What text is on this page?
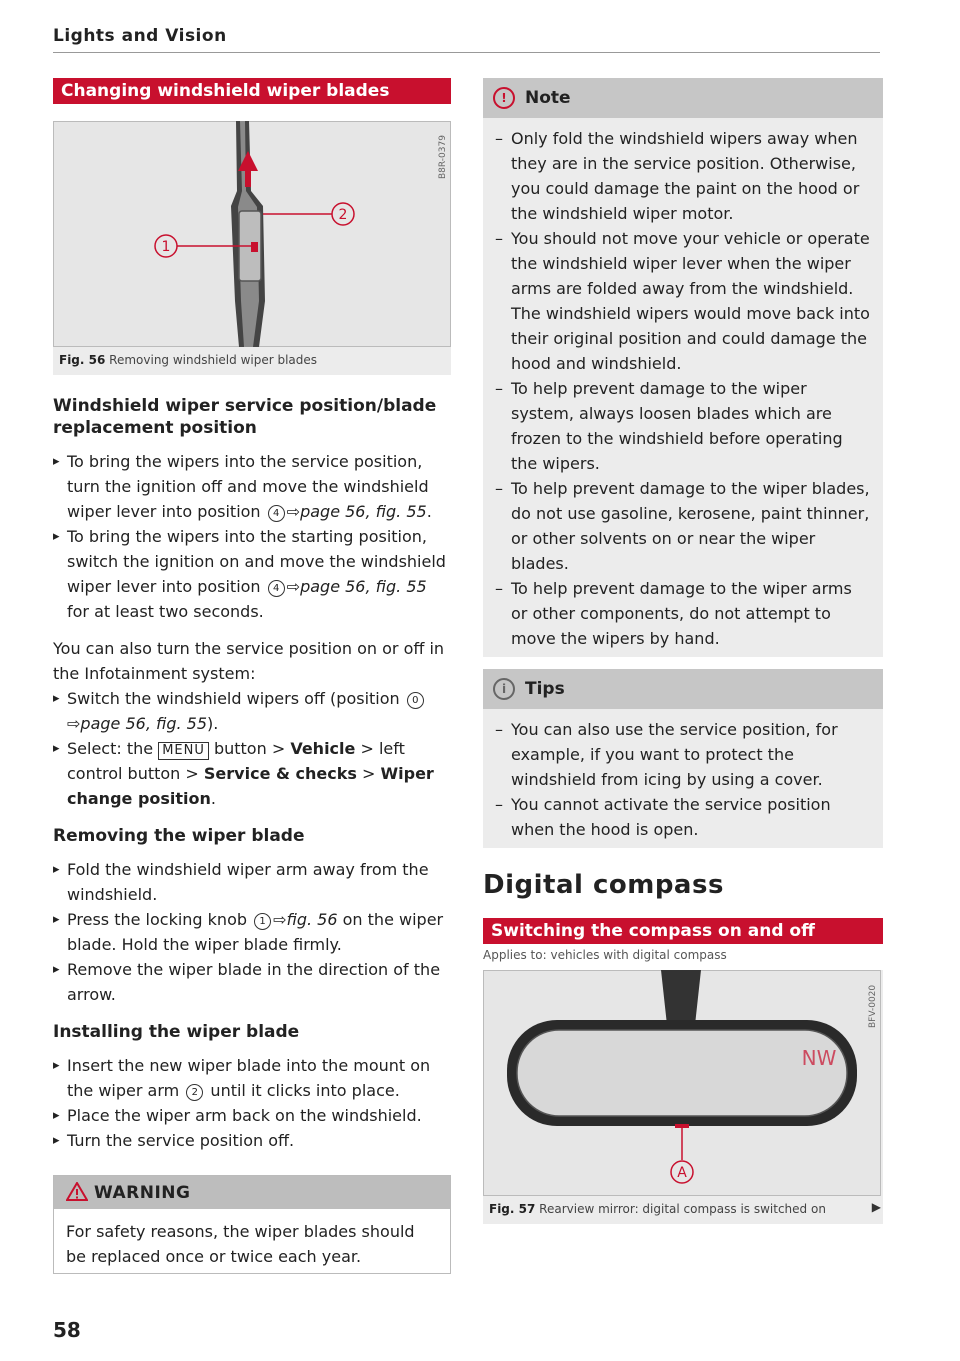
Lights and Vision
Changing windshield wiper blades
1
2
B8R-0379
Fig. 56 Removing windshield wiper blades
Windshield wiper service position/blade replacement position
▸ To bring the wipers into the service position, turn the ignition off and move the windshield wiper lever into position 4 ⇨page 56, fig. 55.
▸ To bring the wipers into the starting position, switch the ignition on and move the windshield wiper lever into position 4 ⇨page 56, fig. 55 for at least two seconds.

You can also turn the service position on or off in the Infotainment system:

▸ Switch the windshield wipers off (position 0
⇨page 56, fig. 55).
▸ Select: the MENU button > Vehicle > left control button > Service & checks > Wiper change position.
Removing the wiper blade
▸ Fold the windshield wiper arm away from the windshield.
▸ Press the locking knob 1 ⇨fig. 56 on the wiper blade. Hold the wiper blade firmly.
▸ Remove the wiper blade in the direction of the arrow.
Installing the wiper blade
▸ Insert the new wiper blade into the mount on the wiper arm 2 until it clicks into place.
▸ Place the wiper arm back on the windshield.
▸ Turn the service position off.
WARNING
For safety reasons, the wiper blades should be replaced once or twice each year.
58
! Note
– Only fold the windshield wipers away when they are in the service position. Otherwise, you could damage the paint on the hood or the windshield wiper motor.
– You should not move your vehicle or operate the windshield wiper lever when the wiper arms are folded away from the windshield. The windshield wipers would move back into their original position and could damage the hood and windshield.
– To help prevent damage to the wiper system, always loosen blades which are frozen to the windshield before operating the wipers.
– To help prevent damage to the wiper blades, do not use gasoline, kerosene, paint thinner, or other solvents on or near the wiper blades.
– To help prevent damage to the wiper arms or other components, do not attempt to move the wipers by hand.
i Tips
– You can also use the service position, for example, if you want to protect the windshield from icing by using a cover.
– You cannot activate the service position when the hood is open.
Digital compass
Switching the compass on and off
Applies to: vehicles with digital compass
NW
A
BFV-0020
Fig. 57 Rearview mirror: digital compass is switched on	▶
